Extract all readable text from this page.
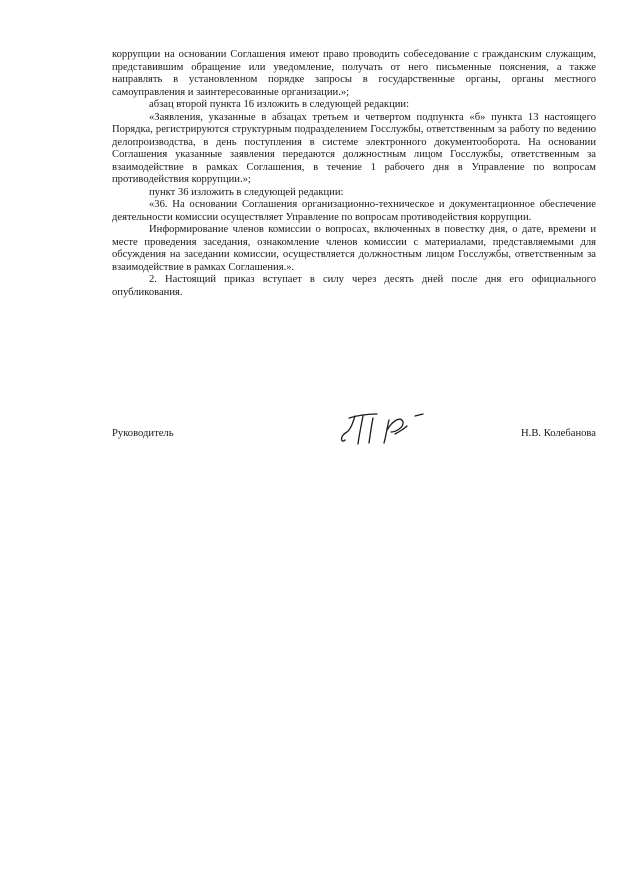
коррупции на основании Соглашения имеют право проводить собеседование с гражданским служащим, представившим обращение или уведомление, получать от него письменные пояснения, а также направлять в установленном порядке запросы в государственные органы, органы местного самоуправления и заинтересованные организации.»;

абзац второй пункта 16 изложить в следующей редакции:

«Заявления, указанные в абзацах третьем и четвертом подпункта «б» пункта 13 настоящего Порядка, регистрируются структурным подразделением Госслужбы, ответственным за работу по ведению делопроизводства, в день поступления в системе электронного документооборота. На основании Соглашения указанные заявления передаются должностным лицом Госслужбы, ответственным за взаимодействие в рамках Соглашения, в течение 1 рабочего дня в Управление по вопросам противодействия коррупции.»;

пункт 36 изложить в следующей редакции:

«36. На основании Соглашения организационно-техническое и документационное обеспечение деятельности комиссии осуществляет Управление по вопросам противодействия коррупции.

Информирование членов комиссии о вопросах, включенных в повестку дня, о дате, времени и месте проведения заседания, ознакомление членов комиссии с материалами, представляемыми для обсуждения на заседании комиссии, осуществляется должностным лицом Госслужбы, ответственным за взаимодействие в рамках Соглашения.».

2. Настоящий приказ вступает в силу через десять дней после дня его официального опубликования.

Руководитель	Н.В. Колебанова
